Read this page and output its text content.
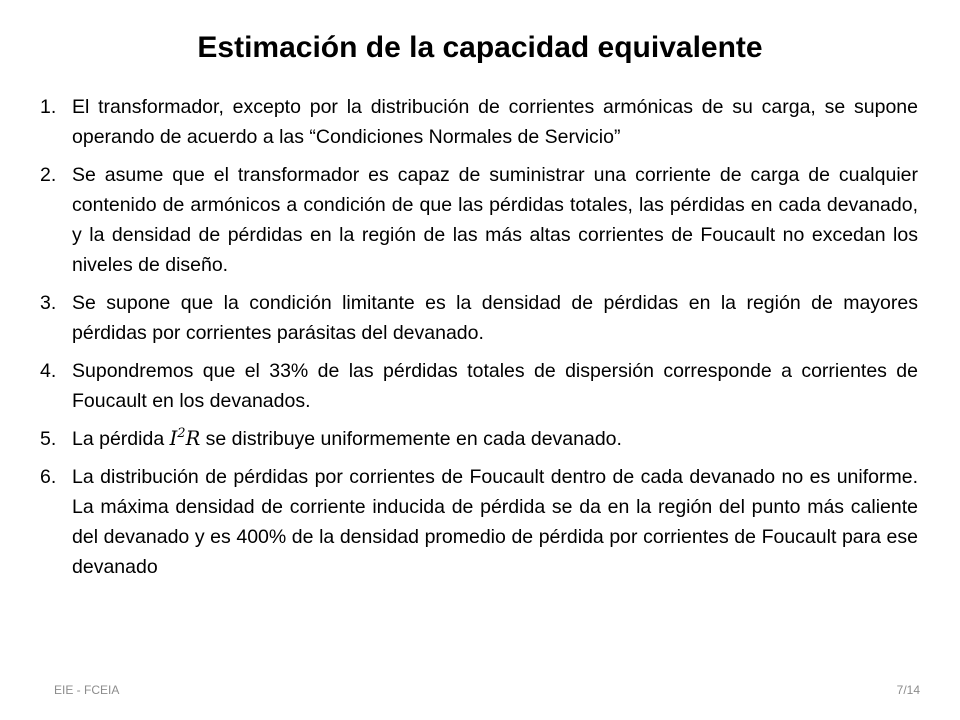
Estimación de la capacidad equivalente
1. El transformador, excepto por la distribución de corrientes armónicas de su carga, se supone operando de acuerdo a las “Condiciones Normales de Servicio”
2. Se asume que el transformador es capaz de suministrar una corriente de carga de cualquier contenido de armónicos a condición de que las pérdidas totales, las pérdidas en cada devanado, y la densidad de pérdidas en la región de las más altas corrientes de Foucault no excedan los niveles de diseño.
3. Se supone que la condición limitante es la densidad de pérdidas en la región de mayores pérdidas por corrientes parásitas del devanado.
4. Supondremos que el 33% de las pérdidas totales de dispersión corresponde a corrientes de Foucault en los devanados.
5. La pérdida $I^2R$ se distribuye uniformemente en cada devanado.
6. La distribución de pérdidas por corrientes de Foucault dentro de cada devanado no es uniforme. La máxima densidad de corriente inducida de pérdida se da en la región del punto más caliente del devanado y es 400% de la densidad promedio de pérdida por corrientes de Foucault para ese devanado
EIE - FCEIA	7/14
